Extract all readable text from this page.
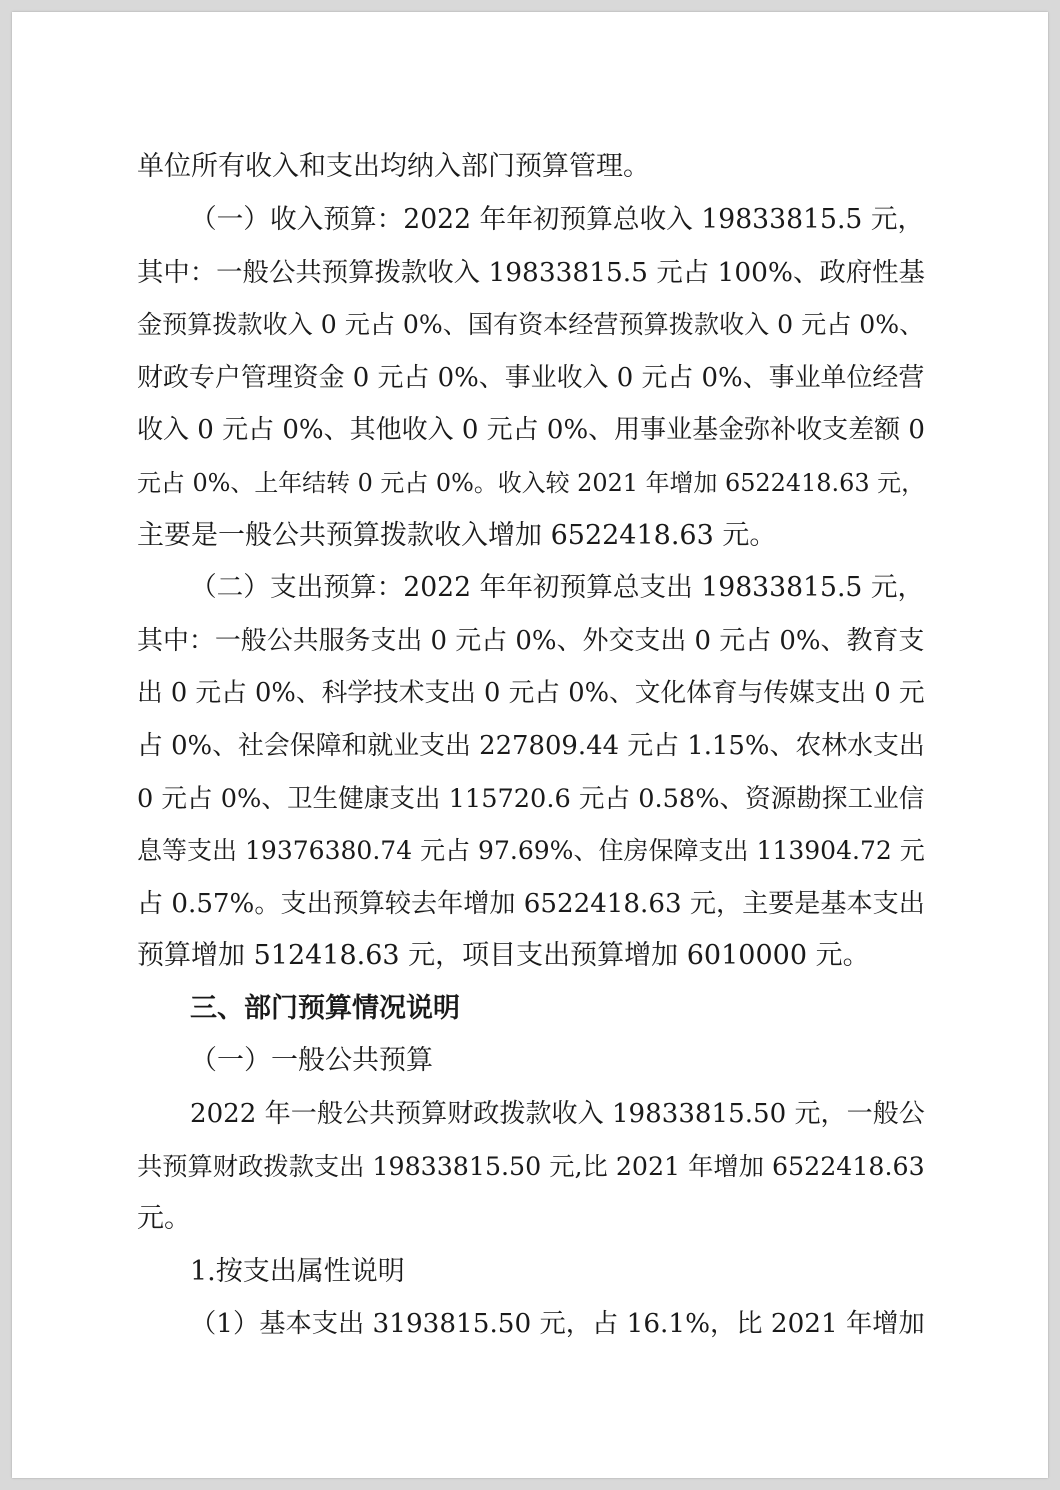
单位所有收入和支出均纳入部门预算管理。
（一）收入预算：2022 年年初预算总收入 19833815.5 元，
其中：一般公共预算拨款收入 19833815.5 元占 100%、政府性基
金预算拨款收入 0 元占 0%、国有资本经营预算拨款收入 0 元占 0%、
财政专户管理资金 0 元占 0%、事业收入 0 元占 0%、事业单位经营
收入 0 元占 0%、其他收入 0 元占 0%、用事业基金弥补收支差额 0
元占 0%、上年结转 0 元占 0%。收入较 2021 年增加 6522418.63 元，
主要是一般公共预算拨款收入增加 6522418.63 元。
（二）支出预算：2022 年年初预算总支出 19833815.5 元，
其中：一般公共服务支出 0 元占 0%、外交支出 0 元占 0%、教育支
出 0 元占 0%、科学技术支出 0 元占 0%、文化体育与传媒支出 0 元
占 0%、社会保障和就业支出 227809.44 元占 1.15%、农林水支出
0 元占 0%、卫生健康支出 115720.6 元占 0.58%、资源勘探工业信
息等支出 19376380.74 元占 97.69%、住房保障支出 113904.72 元
占 0.57%。支出预算较去年增加 6522418.63 元，主要是基本支出
预算增加 512418.63 元，项目支出预算增加 6010000 元。
三、部门预算情况说明
（一）一般公共预算
2022 年一般公共预算财政拨款收入 19833815.50 元，一般公
共预算财政拨款支出 19833815.50 元,比 2021 年增加 6522418.63
元。
1.按支出属性说明
（1）基本支出 3193815.50 元，占 16.1%，比 2021 年增加
